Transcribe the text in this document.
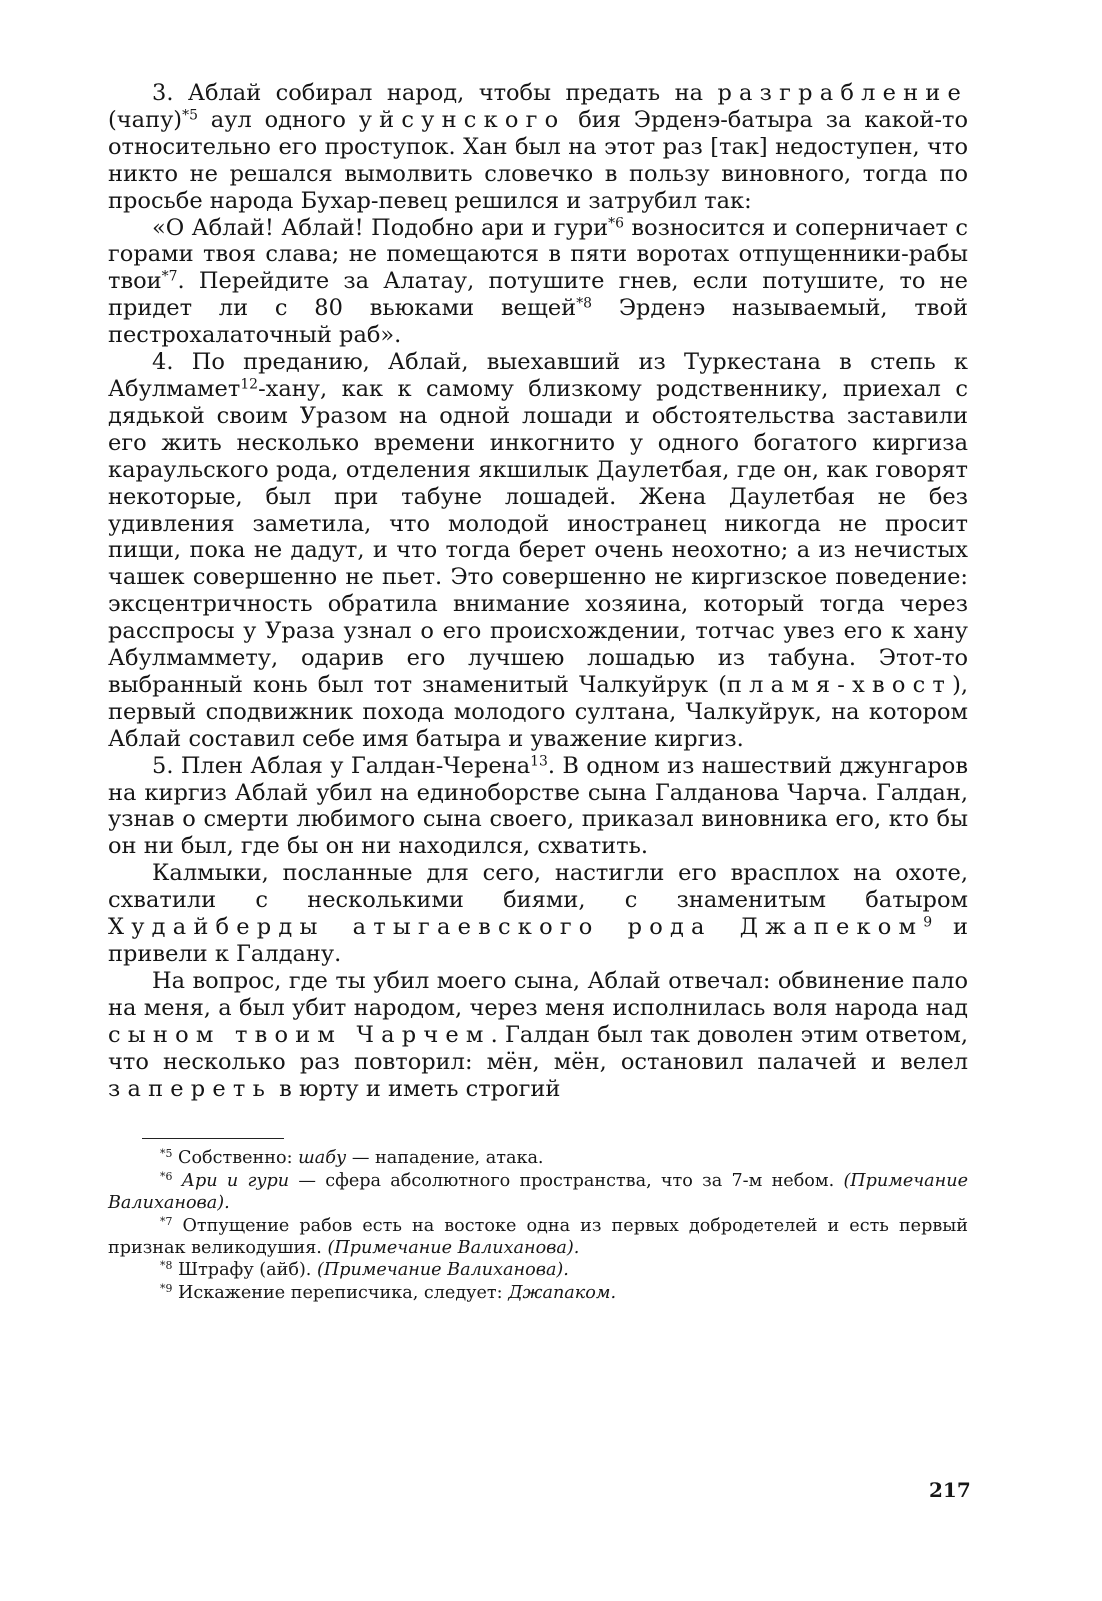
3. Аблай собирал народ, чтобы предать на разграбление (чапу)$^{*5}$ аул одного уйсунского бия Эрденэ-батыра за какой-то относительно его проступок. Хан был на этот раз [так] недоступен, что никто не решался вымолвить словечко в пользу виновного, тогда по просьбе народа Бухар-певец решился и затрубил так:

«О Аблай! Аблай! Подобно ари и гури$^{*6}$ возносится и соперничает с горами твоя слава; не помещаются в пяти воротах отпущенники-рабы твои$^{*7}$. Перейдите за Алатау, потушите гнев, если потушите, то не придет ли с 80 вьюками вещей$^{*8}$ Эрденэ называемый, твой пестрохалаточный раб».

4. По преданию, Аблай, выехавший из Туркестана в степь к Абулмамет$^{12}$-хану, как к самому близкому родственнику, приехал с дядькой своим Уразом на одной лошади и обстоятельства заставили его жить несколько времени инкогнито у одного богатого киргиза караульского рода, отделения якшилык Даулетбая, где он, как говорят некоторые, был при табуне лошадей. Жена Даулетбая не без удивления заметила, что молодой иностранец никогда не просит пищи, пока не дадут, и что тогда берет очень неохотно; а из нечистых чашек совершенно не пьет. Это совершенно не киргизское поведение: эксцентричность обратила внимание хозяина, который тогда через расспросы у Ураза узнал о его происхождении, тотчас увез его к хану Абулмаммету, одарив его лучшею лошадью из табуна. Этот-то выбранный конь был тот знаменитый Чалкуйрук (пламя-хвост), первый сподвижник похода молодого султана, Чалкуйрук, на котором Аблай составил себе имя батыра и уважение киргиз.

5. Плен Аблая у Галдан-Черена$^{13}$. В одном из нашествий джунгаров на киргиз Аблай убил на единоборстве сына Галданова Чарча. Галдан, узнав о смерти любимого сына своего, приказал виновника его, кто бы он ни был, где бы он ни находился, схватить.

Калмыки, посланные для сего, настигли его врасплох на охоте, схватили с несколькими биями, с знаменитым батыром Худайберды атыгаевского рода Джапеком$^9$ и привели к Галдану.

На вопрос, где ты убил моего сына, Аблай отвечал: обвинение пало на меня, а был убит народом, через меня исполнилась воля народа над сыном твоим Чарчем. Галдан был так доволен этим ответом, что несколько раз повторил: мён, мён, остановил палачей и велел запереть в юрту и иметь строгий

$^{*5}$ Собственно: шабу — нападение, атака.

$^{*6}$ Ари и гури — сфера абсолютного пространства, что за 7-м небом. (Примечание Валиханова).

$^{*7}$ Отпущение рабов есть на востоке одна из первых добродетелей и есть первый признак великодушия. (Примечание Валиханова).

$^{*8}$ Штрафу (айб). (Примечание Валиханова).

$^{*9}$ Искажение переписчика, следует: Джапаком.

217
